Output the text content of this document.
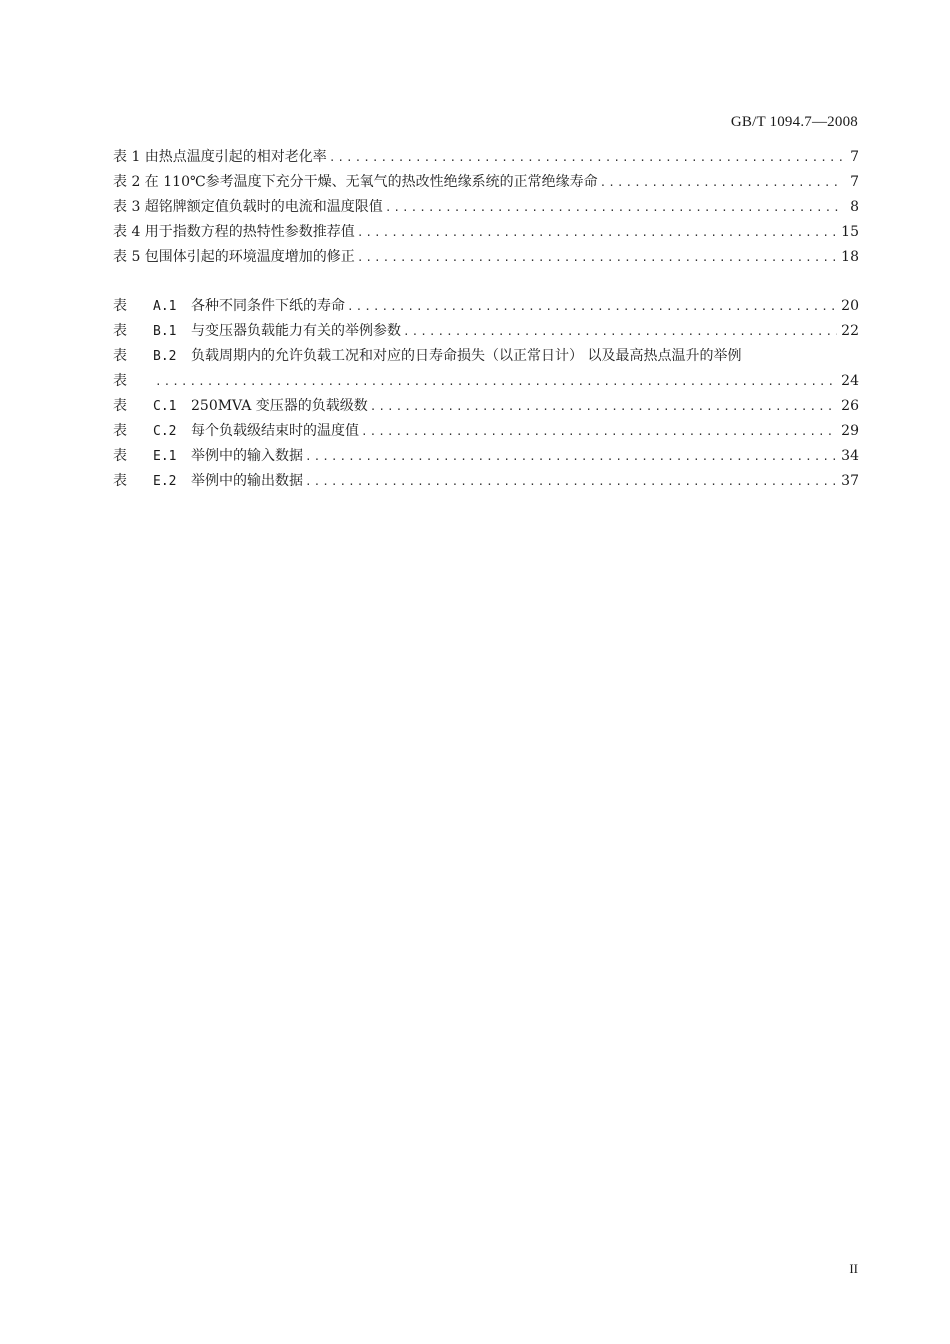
GB/T 1094.7—2008
表 1 由热点温度引起的相对老化率 .....	7
表 2 在 110℃参考温度下充分干燥、无氧气的热改性绝缘系统的正常绝缘寿命 .....	7
表 3 超铭牌额定值负载时的电流和温度限值 .....	8
表 4 用于指数方程的热特性参数推荐值 .....	15
表 5 包围体引起的环境温度增加的修正 .....	18
表 A.1 各种不同条件下纸的寿命 .....	20
表 B.1 与变压器负载能力有关的举例参数 .....	22
表 B.2 负载周期内的允许负载工况和对应的日寿命损失（以正常日计） 以及最高热点温升的举例
表 .....	24
表 C.1 250MVA 变压器的负载级数 .....	26
表 C.2 每个负载级结束时的温度值 .....	29
表 E.1 举例中的输入数据 .....	34
表 E.2 举例中的输出数据 .....	37
II
